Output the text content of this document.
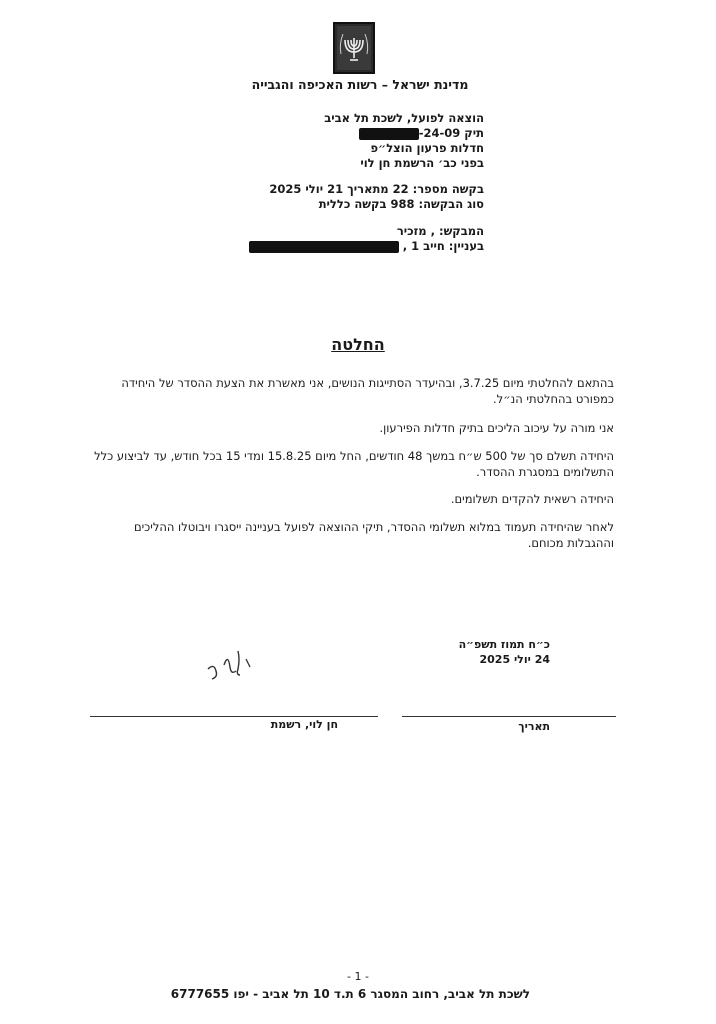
מדינת ישראל – רשות האכיפה והגבייה
הוצאה לפועל, לשכת תל אביב
תיק 24-09-
חדלות פרעון הוצל״פ
בפני כב׳ הרשמת חן לוי
בקשה מספר: 22 מתאריך 21 יולי 2025
סוג הבקשה: 988 בקשה כללית
המבקש: , מזכיר
בעניין: חייב 1 ,
החלטה
בהתאם להחלטתי מיום 3.7.25, ובהיעדר הסתייגות הנושים, אני מאשרת את הצעת ההסדר של היחידה כמפורט בהחלטתי הנ״ל.
אני מורה על עיכוב הליכים בתיק חדלות הפירעון.
היחידה תשלם סך של 500 ש״ח במשך 48 חודשים, החל מיום 15.8.25 ומדי 15 בכל חודש, עד לביצוע כלל התשלומים במסגרת ההסדר.
היחידה רשאית להקדים תשלומים.
לאחר שהיחידה תעמוד במלוא תשלומי ההסדר, תיקי ההוצאה לפועל בעניינה ייסגרו ויבוטלו ההליכים וההגבלות מכוחם.
כ״ח תמוז תשפ״ה
24 יולי 2025
חן לוי, רשמת	תאריך
- 1 -
לשכת תל אביב, רחוב המסגר 6 ת.ד 10 תל אביב - יפו 6777655
